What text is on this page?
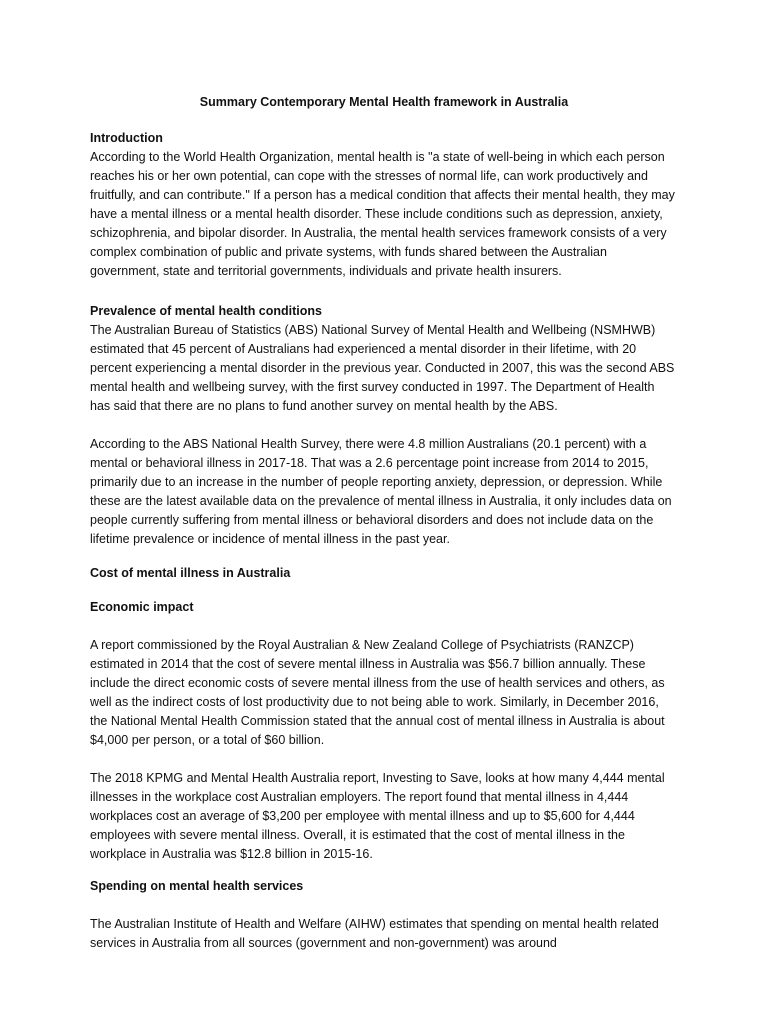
Summary Contemporary Mental Health framework in Australia
Introduction

According to the World Health Organization, mental health is "a state of well-being in which each person reaches his or her own potential, can cope with the stresses of normal life, can work productively and fruitfully, and can contribute." If a person has a medical condition that affects their mental health, they may have a mental illness or a mental health disorder. These include conditions such as depression, anxiety, schizophrenia, and bipolar disorder. In Australia, the mental health services framework consists of a very complex combination of public and private systems, with funds shared between the Australian government, state and territorial governments, individuals and private health insurers.

Prevalence of mental health conditions

The Australian Bureau of Statistics (ABS) National Survey of Mental Health and Wellbeing (NSMHWB) estimated that 45 percent of Australians had experienced a mental disorder in their lifetime, with 20 percent experiencing a mental disorder in the previous year. Conducted in 2007, this was the second ABS mental health and wellbeing survey, with the first survey conducted in 1997. The Department of Health has said that there are no plans to fund another survey on mental health by the ABS.

According to the ABS National Health Survey, there were 4.8 million Australians (20.1 percent) with a mental or behavioral illness in 2017-18. That was a 2.6 percentage point increase from 2014 to 2015, primarily due to an increase in the number of people reporting anxiety, depression, or depression. While these are the latest available data on the prevalence of mental illness in Australia, it only includes data on people currently suffering from mental illness or behavioral disorders and does not include data on the lifetime prevalence or incidence of mental illness in the past year.

Cost of mental illness in Australia
Economic impact

A report commissioned by the Royal Australian & New Zealand College of Psychiatrists (RANZCP) estimated in 2014 that the cost of severe mental illness in Australia was $56.7 billion annually. These include the direct economic costs of severe mental illness from the use of health services and others, as well as the indirect costs of lost productivity due to not being able to work. Similarly, in December 2016, the National Mental Health Commission stated that the annual cost of mental illness in Australia is about $4,000 per person, or a total of $60 billion.

The 2018 KPMG and Mental Health Australia report, Investing to Save, looks at how many 4,444 mental illnesses in the workplace cost Australian employers. The report found that mental illness in 4,444 workplaces cost an average of $3,200 per employee with mental illness and up to $5,600 for 4,444 employees with severe mental illness. Overall, it is estimated that the cost of mental illness in the workplace in Australia was $12.8 billion in 2015-16.

Spending on mental health services

The Australian Institute of Health and Welfare (AIHW) estimates that spending on mental health related services in Australia from all sources (government and non-government) was around
